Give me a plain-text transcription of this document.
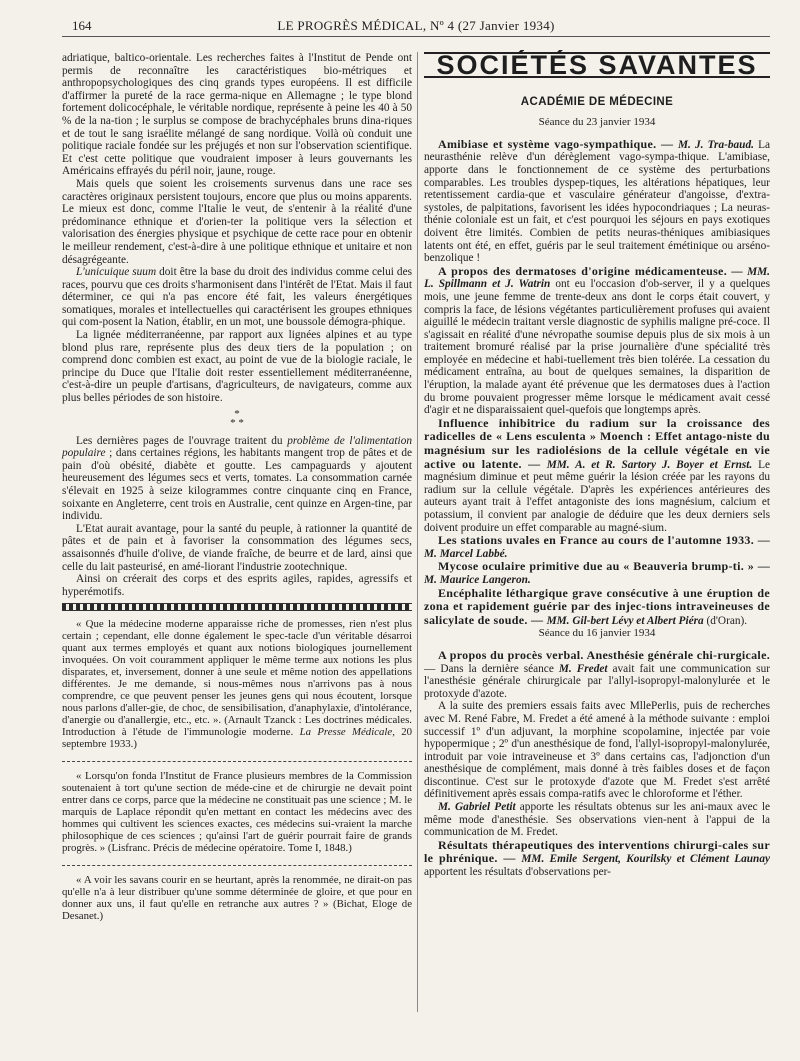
164	LE PROGRÈS MÉDICAL, Nº 4 (27 Janvier 1934)

adriatique, baltico-orientale. Les recherches faites à l'Institut de Pende ont permis de reconnaître les caractéristiques bio-métriques et anthropopsychologiques des cinq grands types européens. Il est difficile d'affirmer la pureté de la race germa-nique en Allemagne ; le type blond fortement dolicocéphale, le véritable nordique, représente à peine les 40 à 50 % de la na-tion ; le surplus se compose de brachycéphales bruns dina-riques et de tout le sang israélite mélangé de sang nordique. Voilà où conduit une politique raciale fondée sur les préjugés et non sur l'observation scientifique. Et c'est cette politique que voudraient imposer à leurs gouvernants les Américains effrayés du péril noir, jaune, rouge.

Mais quels que soient les croisements survenus dans une race ses caractères originaux persistent toujours, encore que plus ou moins apparents. Le mieux est donc, comme l'Italie le veut, de s'entenir à la réalité d'une prédominance ethnique et d'orien-ter la politique vers la sélection et valorisation des énergies physique et psychique de cette race pour en obtenir le meilleur rendement, c'est-à-dire à une politique ethnique et unitaire et non désagrégeante.

L'unicuique suum doit être la base du droit des individus comme celui des races, pourvu que ces droits s'harmonisent dans l'intérêt de l'Etat. Mais il faut déterminer, ce qui n'a pas encore été fait, les valeurs énergétiques somatiques, morales et intellectuelles qui caractérisent les groupes ethniques qui com-posent la Nation, établir, en un mot, une boussole démogra-phique.

La lignée méditerranéenne, par rapport aux lignées alpines et au type blond plus rare, représente plus des deux tiers de la population ; on comprend donc combien est exact, au point de vue de la biologie raciale, le principe du Duce que l'Italie doit rester essentiellement méditerranéenne, c'est-à-dire un peuple d'artisans, d'agriculteurs, de navigateurs, comme aux plus belles périodes de son histoire.

*
* *

Les dernières pages de l'ouvrage traitent du problème de l'alimentation populaire ; dans certaines régions, les habitants mangent trop de pâtes et de pain d'où obésité, diabète et goutte. Les campaguards y ajoutent heureusement des légumes secs et verts, tomates. La consommation carnée s'élevait en 1925 à seize kilogrammes contre cinquante cinq en France, soixante en Angleterre, cent trois en Australie, cent quinze en Argen-tine, par individu.

L'Etat aurait avantage, pour la santé du peuple, à rationner la quantité de pâtes et de pain et à favoriser la consommation des légumes secs, assaisonnés d'huile d'olive, de viande fraîche, de beurre et de lard, ainsi que celle du lait pasteurisé, en amé-liorant l'industrie zootechnique.

Ainsi on créerait des corps et des esprits agiles, rapides, agressifs et hyperémotifs.

« Que la médecine moderne apparaisse riche de promesses, rien n'est plus certain ; cependant, elle donne également le spec-tacle d'un véritable désarroi quant aux termes employés et quant aux notions biologiques journellement invoquées. On voit couramment appliquer le même terme aux notions les plus disparates, et, inversement, donner à une seule et même notion des appellations différentes. Je me demande, si nous-mêmes nous n'arrivons pas à nous comprendre, ce que peuvent penser les jeunes gens qui nous écoutent, lorsque nous parlons d'aller-gie, de choc, de sensibilisation, d'anaphylaxie, d'intolérance, d'anergie ou d'anallergie, etc., etc. ». (Arnault Tzanck : Les doctrines médicales. Introduction à l'étude de l'immunologie moderne. La Presse Médicale, 20 septembre 1933.)

« Lorsqu'on fonda l'Institut de France plusieurs membres de la Commission soutenaient à tort qu'une section de méde-cine et de chirurgie ne devait point entrer dans ce corps, parce que la médecine ne constituait pas une science ; M. le marquis de Laplace répondit qu'en mettant en contact les médecins avec des hommes qui cultivent les sciences exactes, ces médecins sui-vraient la marche philosophique de ces sciences ; qu'ainsi l'art de guérir pourrait faire de grands progrès. » (Lisfranc. Précis de médecine opératoire. Tome I, 1848.)

« A voir les savans courir en se heurtant, après la renommée, ne dirait-on pas qu'elle n'a à leur distribuer qu'une somme déterminée de gloire, et que pour en donner aux uns, il faut qu'elle en retranche aux autres ? » (Bichat, Eloge de Desanet.)

SOCIÉTÉS SAVANTES
ACADÉMIE DE MÉDECINE
Séance du 23 janvier 1934

Amibiase et système vago-sympathique. — M. J. Tra-baud. La neurasthénie relève d'un dérèglement vago-sympa-thique. L'amibiase, apporte dans le fonctionnement de ce système des perturbations comparables. Les troubles dyspep-tiques, les altérations hépatiques, leur retentissement cardia-que et vasculaire générateur d'angoisse, d'extra-systoles, de palpitations, favorisent les idées hypocondriaques ; La neuras-thénie coloniale est un fait, et c'est pourquoi les séjours en pays exotiques doivent être limités. Combien de petits neuras-théniques amibiasiques latents ont été, en effet, guéris par le seul traitement émétinique ou arséno-benzolique !

A propos des dermatoses d'origine médicamenteuse. — MM. L. Spillmann et J. Watrin ont eu l'occasion d'ob-server, il y a quelques mois, une jeune femme de trente-deux ans dont le corps était couvert, y compris la face, de lésions végétantes particulièrement profuses qui avaient aiguillé le médecin traitant versle diagnostic de syphilis maligne pré-coce. Il s'agissait en réalité d'une névropathe soumise depuis plus de six mois à un traitement bromuré réalisé par la prise journalière d'une spécialité très employée en médecine et habi-tuellement très bien tolérée. La cessation du médicament entraîna, au bout de quelques semaines, la disparition de l'éruption, la malade ayant été prévenue que les dermatoses dues à l'action du brome pouvaient progresser même lorsque le médicament avait cessé d'agir et ne disparaissaient quel-quefois que longtemps après.

Influence inhibitrice du radium sur la croissance des radicelles de « Lens esculenta » Moench : Effet antago-niste du magnésium sur les radiolésions de la cellule végétale en vie active ou latente. — MM. A. et R. Sartory J. Boyer et Ernst. Le magnésium diminue et peut même guérir la lésion créée par les rayons du radium sur la cellule végétale. D'après les expériences antérieures des auteurs ayant trait à l'effet antagoniste des ions magnésium, calcium et potassium, il convient par analogie de déduire que les deux derniers sels doivent produire un effet comparable au magné-sium.

Les stations uvales en France au cours de l'automne 1933. — M. Marcel Labbé.

Mycose oculaire primitive due au « Beauveria brump-ti. » — M. Maurice Langeron.

Encéphalite léthargique grave consécutive à une éruption de zona et rapidement guérie par des injec-tions intraveineuses de salicylate de soude. — MM. Gil-bert Lévy et Albert Piéra (d'Oran).

Séance du 16 janvier 1934

A propos du procès verbal. Anesthésie générale chi-rurgicale. — Dans la dernière séance M. Fredet avait fait une communication sur l'anesthésie générale chirurgicale par l'allyl-isopropyl-malonylurée et le protoxyde d'azote.

A la suite des premiers essais faits avec MllePerlis, puis de recherches avec M. René Fabre, M. Fredet a été amené à la méthode suivante : emploi successif 1º d'un adjuvant, la morphine scopolamine, injectée par voie hypopermique ; 2º d'un anesthésique de fond, l'allyl-isopropyl-malonylurée, introduit par voie intraveineuse et 3º dans certains cas, l'adjonction d'un anesthésique de complément, mais donné à très faibles doses et de façon discontinue. C'est sur le protoxyde d'azote que M. Fredet s'est arrêté définitivement après essais compa-ratifs avec le chloroforme et l'éther.

M. Gabriel Petit apporte les résultats obtenus sur les ani-maux avec le même mode d'anesthésie. Ses observations vien-nent à l'appui de la communication de M. Fredet.

Résultats thérapeutiques des interventions chirurgi-cales sur le phrénique. — MM. Emile Sergent, Kourilsky et Clément Launay apportent les résultats d'observations per-
